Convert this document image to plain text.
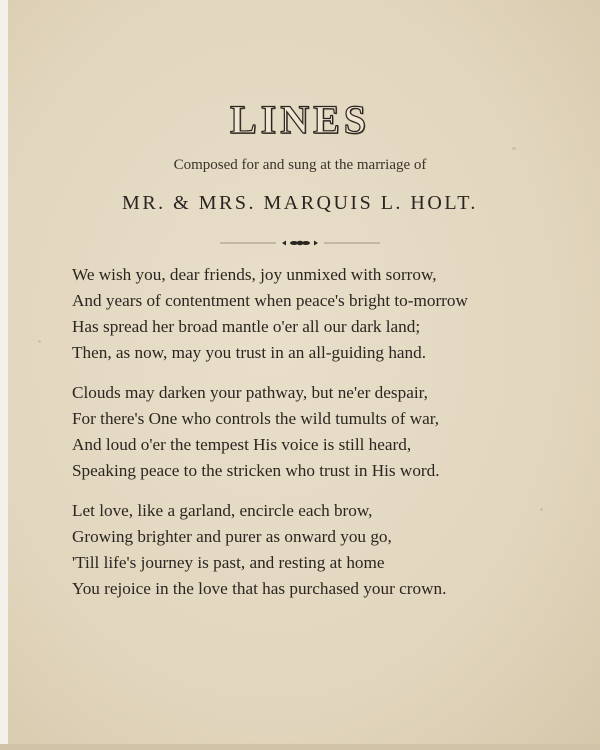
LINES

Composed for and sung at the marriage of

MR. & MRS. MARQUIS L. HOLT.

We wish you, dear friends, joy unmixed with sorrow,
And years of contentment when peace's bright to-morrow
Has spread her broad mantle o'er all our dark land;
Then, as now, may you trust in an all-guiding hand.
Clouds may darken your pathway, but ne'er despair,
For there's One who controls the wild tumults of war,
And loud o'er the tempest His voice is still heard,
Speaking peace to the stricken who trust in His word.
Let love, like a garland, encircle each brow,
Growing brighter and purer as onward you go,
'Till life's journey is past, and resting at home
You rejoice in the love that has purchased your crown.
